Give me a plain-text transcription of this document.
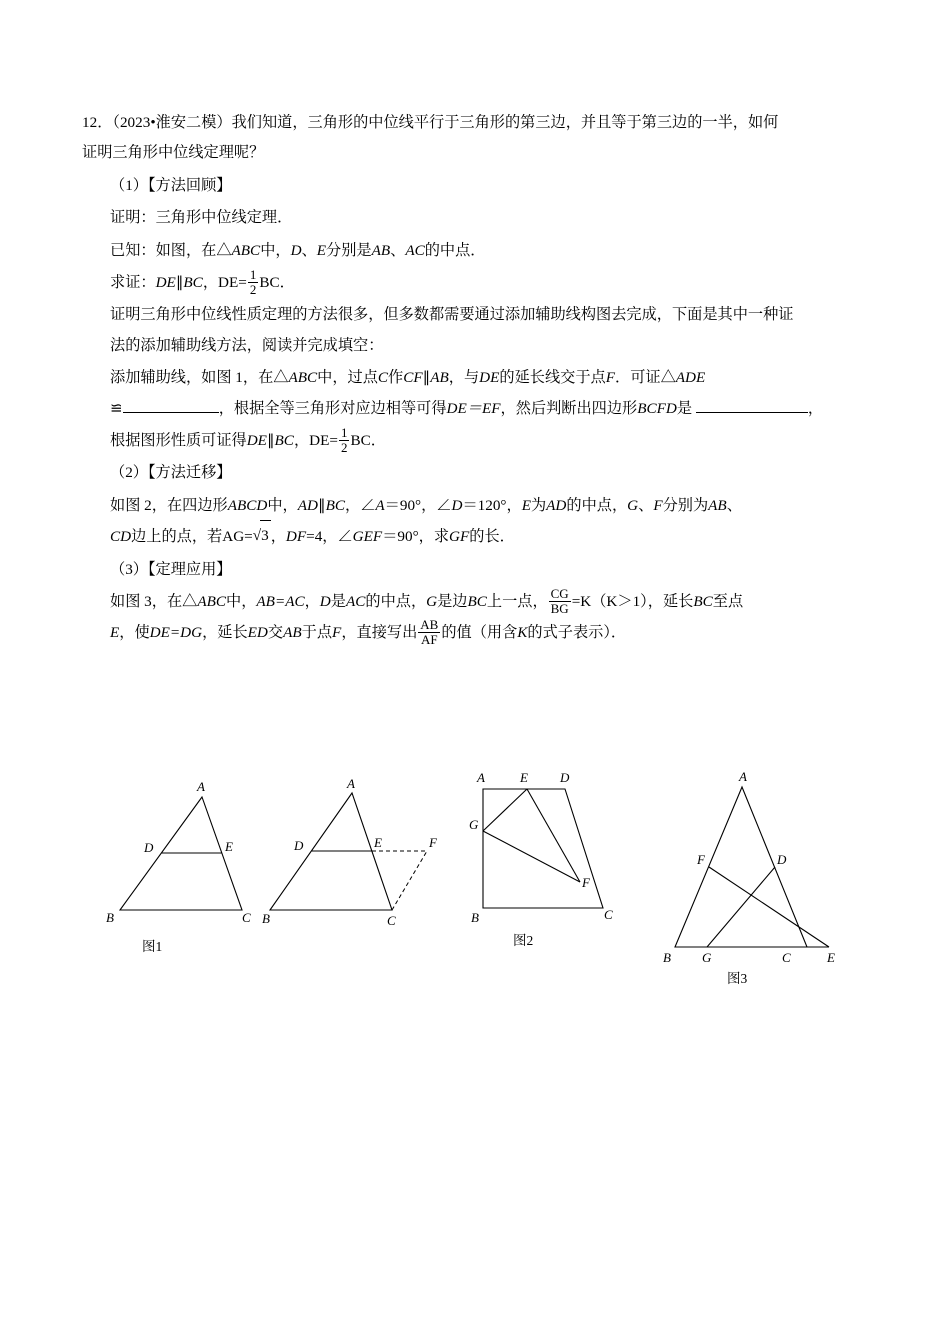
12．（2023•淮安二模）我们知道，三角形的中位线平行于三角形的第三边，并且等于第三边的一半，如何
证明三角形中位线定理呢？

（1）【方法回顾】

证明：三角形中位线定理．

已知：如图，在△ABC中，D、E分别是AB、AC的中点．

求证：DE∥BC，$DE= \frac{1}{2}$ BC．

证明三角形中位线性质定理的方法很多，但多数都需要通过添加辅助线构图去完成，下面是其中一种证
法的添加辅助线方法，阅读并完成填空：

添加辅助线，如图 1，在△ABC中，过点C作CF∥AB，与DE的延长线交于点F．可证△ADE
≌	，根据全等三角形对应边相等可得DE＝EF，然后判断出四边形BCFD是	，

根据图形性质可证得DE∥BC，$DE= \frac{1}{2}$ BC．

（2）【方法迁移】

如图 2，在四边形ABCD中，AD∥BC，∠A＝90°，∠D＝120°，E为AD的中点，G、F分别为AB、
CD边上的点，若AG=√3 ，DF=4，∠GEF＝90°，求GF的长．

（3）【定理应用】

如图 3，在△ABC中，AB=AC，D是AC的中点，G是边BC上一点， $\frac{CG}{BG} =K(K>1)$，延长BC至点
E，使DE=DG，延长ED交AB于点F，直接写出 $\frac{AB}{AF}$ 的值（用含K的式子表示）．

A
D	E
B	C
图1
A
D	E	F
B	C
A	E D
G
F
B	C
图2
A
F	D
B G	C	E
图3
